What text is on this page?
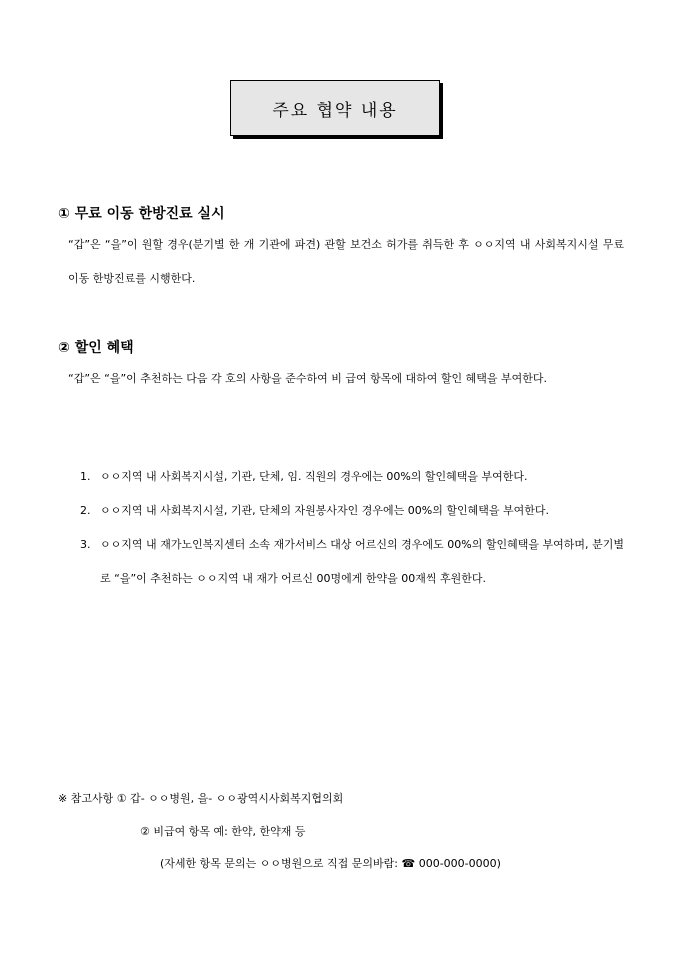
주요 협약 내용
① 무료 이동 한방진료 실시

“갑”은 “을”이 원할 경우(분기별 한 개 기관에 파견) 관할 보건소 허가를 취득한 후 ㅇㅇ지역 내 사회복지시설 무료 이동 한방진료를 시행한다.

② 할인 혜택

“갑”은 “을”이 추천하는 다음 각 호의 사항을 준수하여 비 급여 항목에 대하여 할인 혜택을 부여한다.

1. ㅇㅇ지역 내 사회복지시설, 기관, 단체, 임. 직원의 경우에는 00%의 할인혜택을 부여한다.
2. ㅇㅇ지역 내 사회복지시설, 기관, 단체의 자원봉사자인 경우에는 00%의 할인혜택을 부여한다.
3. ㅇㅇ지역 내 재가노인복지센터 소속 재가서비스 대상 어르신의 경우에도 00%의 할인혜택을 부여하며, 분기별로 “을”이 추천하는 ㅇㅇ지역 내 재가 어르신 00명에게 한약을 00재씩 후원한다.
※ 참고사항 ① 갑- ㅇㅇ병원, 을- ㅇㅇ광역시사회복지협의회
② 비급여 항목 예: 한약, 한약재 등
(자세한 항목 문의는 ㅇㅇ병원으로 직접 문의바람: ☎ 000-000-0000)
